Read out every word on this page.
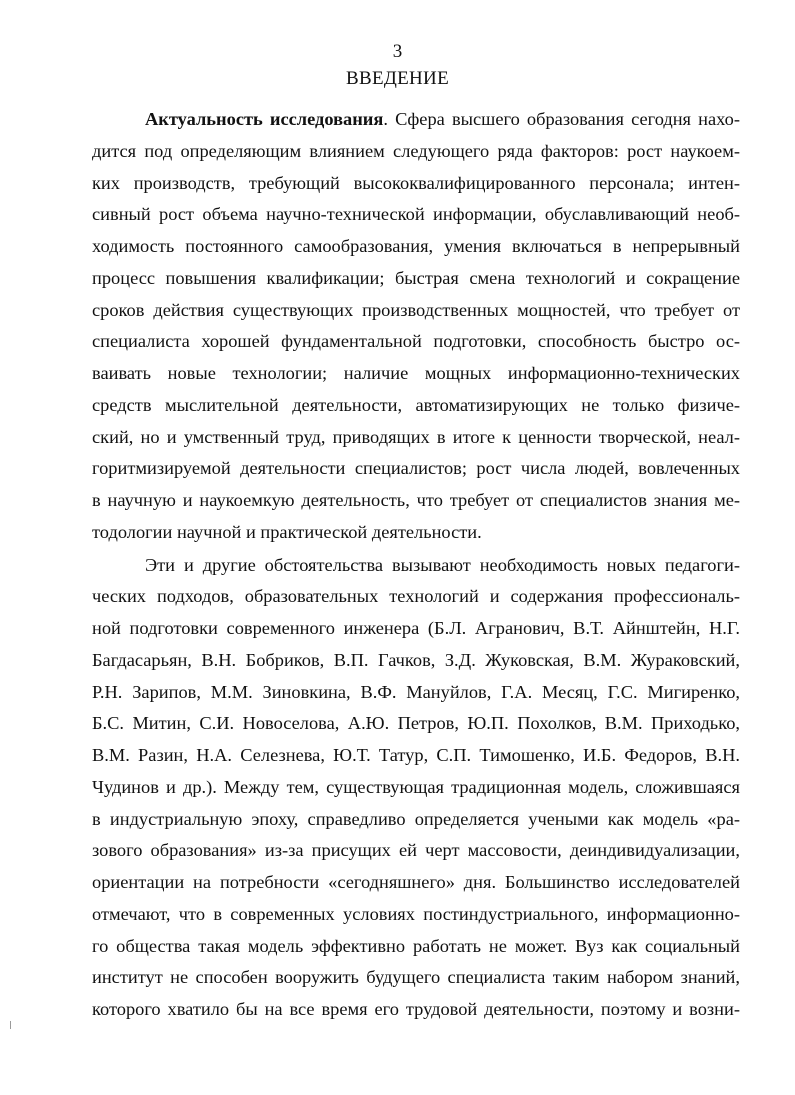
3
ВВЕДЕНИЕ
Актуальность исследования. Сфера высшего образования сегодня нахо-
дится под определяющим влиянием следующего ряда факторов: рост наукоем-
ких производств, требующий высококвалифицированного персонала; интен-
сивный рост объема научно-технической информации, обуславливающий необ-
ходимость постоянного самообразования, умения включаться в непрерывный
процесс повышения квалификации; быстрая смена технологий и сокращение
сроков действия существующих производственных мощностей, что требует от
специалиста хорошей фундаментальной подготовки, способность быстро ос-
ваивать новые технологии; наличие мощных информационно-технических
средств мыслительной деятельности, автоматизирующих не только физиче-
ский, но и умственный труд, приводящих в итоге к ценности творческой, неал-
горитмизируемой деятельности специалистов; рост числа людей, вовлеченных
в научную и наукоемкую деятельность, что требует от специалистов знания ме-
тодологии научной и практической деятельности.
Эти и другие обстоятельства вызывают необходимость новых педагоги-
ческих подходов, образовательных технологий и содержания профессиональ-
ной подготовки современного инженера (Б.Л. Агранович, В.Т. Айнштейн, Н.Г.
Багдасарьян, В.Н. Бобриков, В.П. Гачков, З.Д. Жуковская, В.М. Жураковский,
Р.Н. Зарипов, М.М. Зиновкина, В.Ф. Мануйлов, Г.А. Месяц, Г.С. Мигиренко,
Б.С. Митин, С.И. Новоселова, А.Ю. Петров, Ю.П. Похолков, В.М. Приходько,
В.М. Разин, Н.А. Селезнева, Ю.Т. Татур, С.П. Тимошенко, И.Б. Федоров, В.Н.
Чудинов и др.). Между тем, существующая традиционная модель, сложившаяся
в индустриальную эпоху, справедливо определяется учеными как модель «ра-
зового образования» из-за присущих ей черт массовости, деиндивидуализации,
ориентации на потребности «сегодняшнего» дня. Большинство исследователей
отмечают, что в современных условиях постиндустриального, информационно-
го общества такая модель эффективно работать не может. Вуз как социальный
институт не способен вооружить будущего специалиста таким набором знаний,
которого хватило бы на все время его трудовой деятельности, поэтому и возни-
